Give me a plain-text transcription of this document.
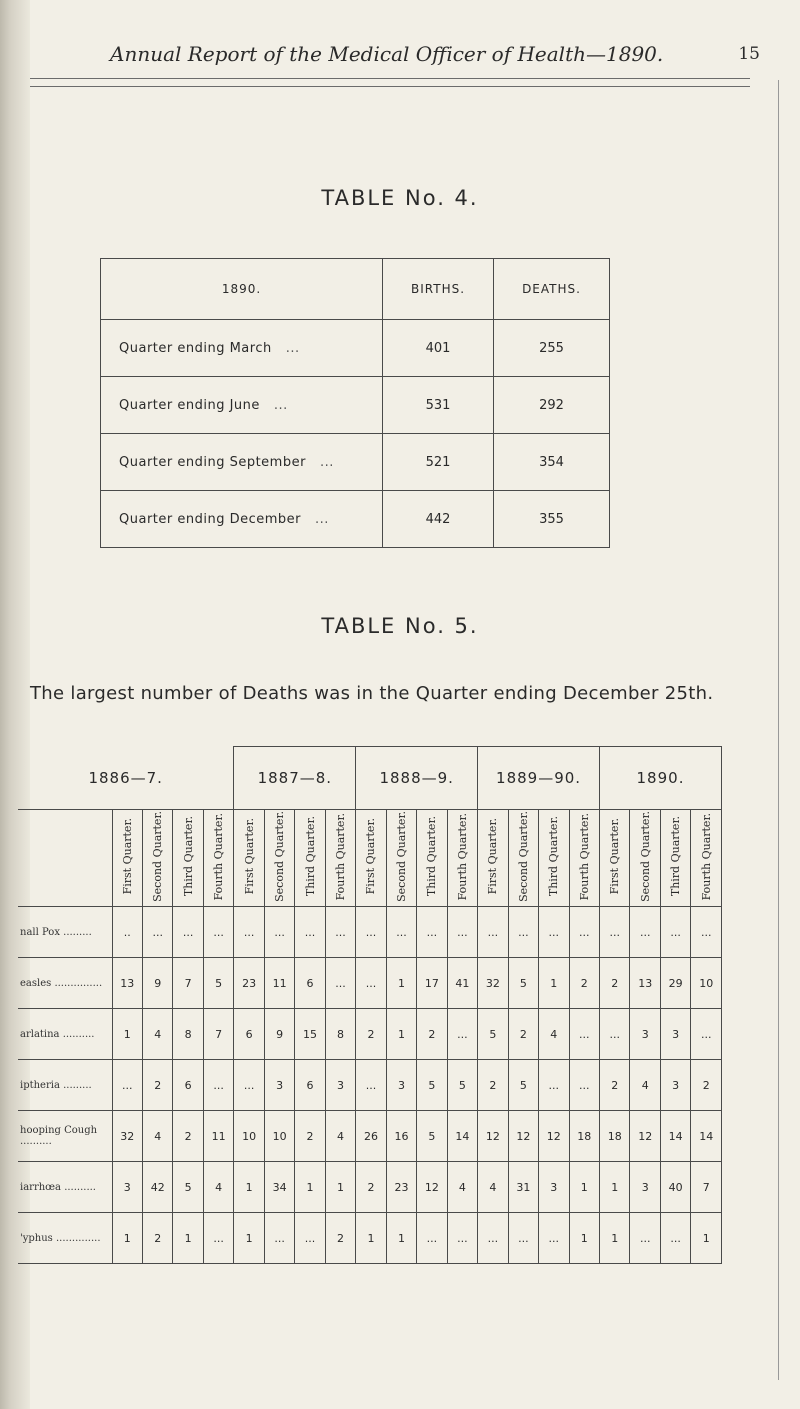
Annual Report of the Medical Officer of Health—1890.	15
TABLE No. 4.
1890.	BIRTHS.	DEATHS.
Quarter ending March ...	401	255
Quarter ending June ...	531	292
Quarter ending September ...	521	354
Quarter ending December ...	442	355
TABLE No. 5.
The largest number of Deaths was in the Quarter ending December 25th.
1886—7.					1887—8.				1888—9.				1889—90.				1890.			
	First Quarter.	Second Quarter.	Third Quarter.	Fourth Quarter.	First Quarter.	Second Quarter.	Third Quarter.	Fourth Quarter.	First Quarter.	Second Quarter.	Third Quarter.	Fourth Quarter.	First Quarter.	Second Quarter.	Third Quarter.	Fourth Quarter.	First Quarter.	Second Quarter.	Third Quarter.	Fourth Quarter.
nall Pox .........	..	...	...	...	...	...	...	...	...	...	...	...	...	...	...	...	...	...	...	...
easles ...............	13	9	7	5	23	11	6	...	...	1	17	41	32	5	1	2	2	13	29	10
arlatina ..........	1	4	8	7	6	9	15	8	2	1	2	...	5	2	4	...	...	3	3	...
iptheria .........	...	2	6	...	...	3	6	3	...	3	5	5	2	5	...	...	2	4	3	2
hooping Cough ..........	32	4	2	11	10	10	2	4	26	16	5	14	12	12	12	18	18	12	14	14
iarrhœa ..........	3	42	5	4	1	34	1	1	2	23	12	4	4	31	3	1	1	3	40	7
'yphus ..............	1	2	1	...	1	...	...	2	1	1	...	...	...	...	...	1	1	...	...	1
